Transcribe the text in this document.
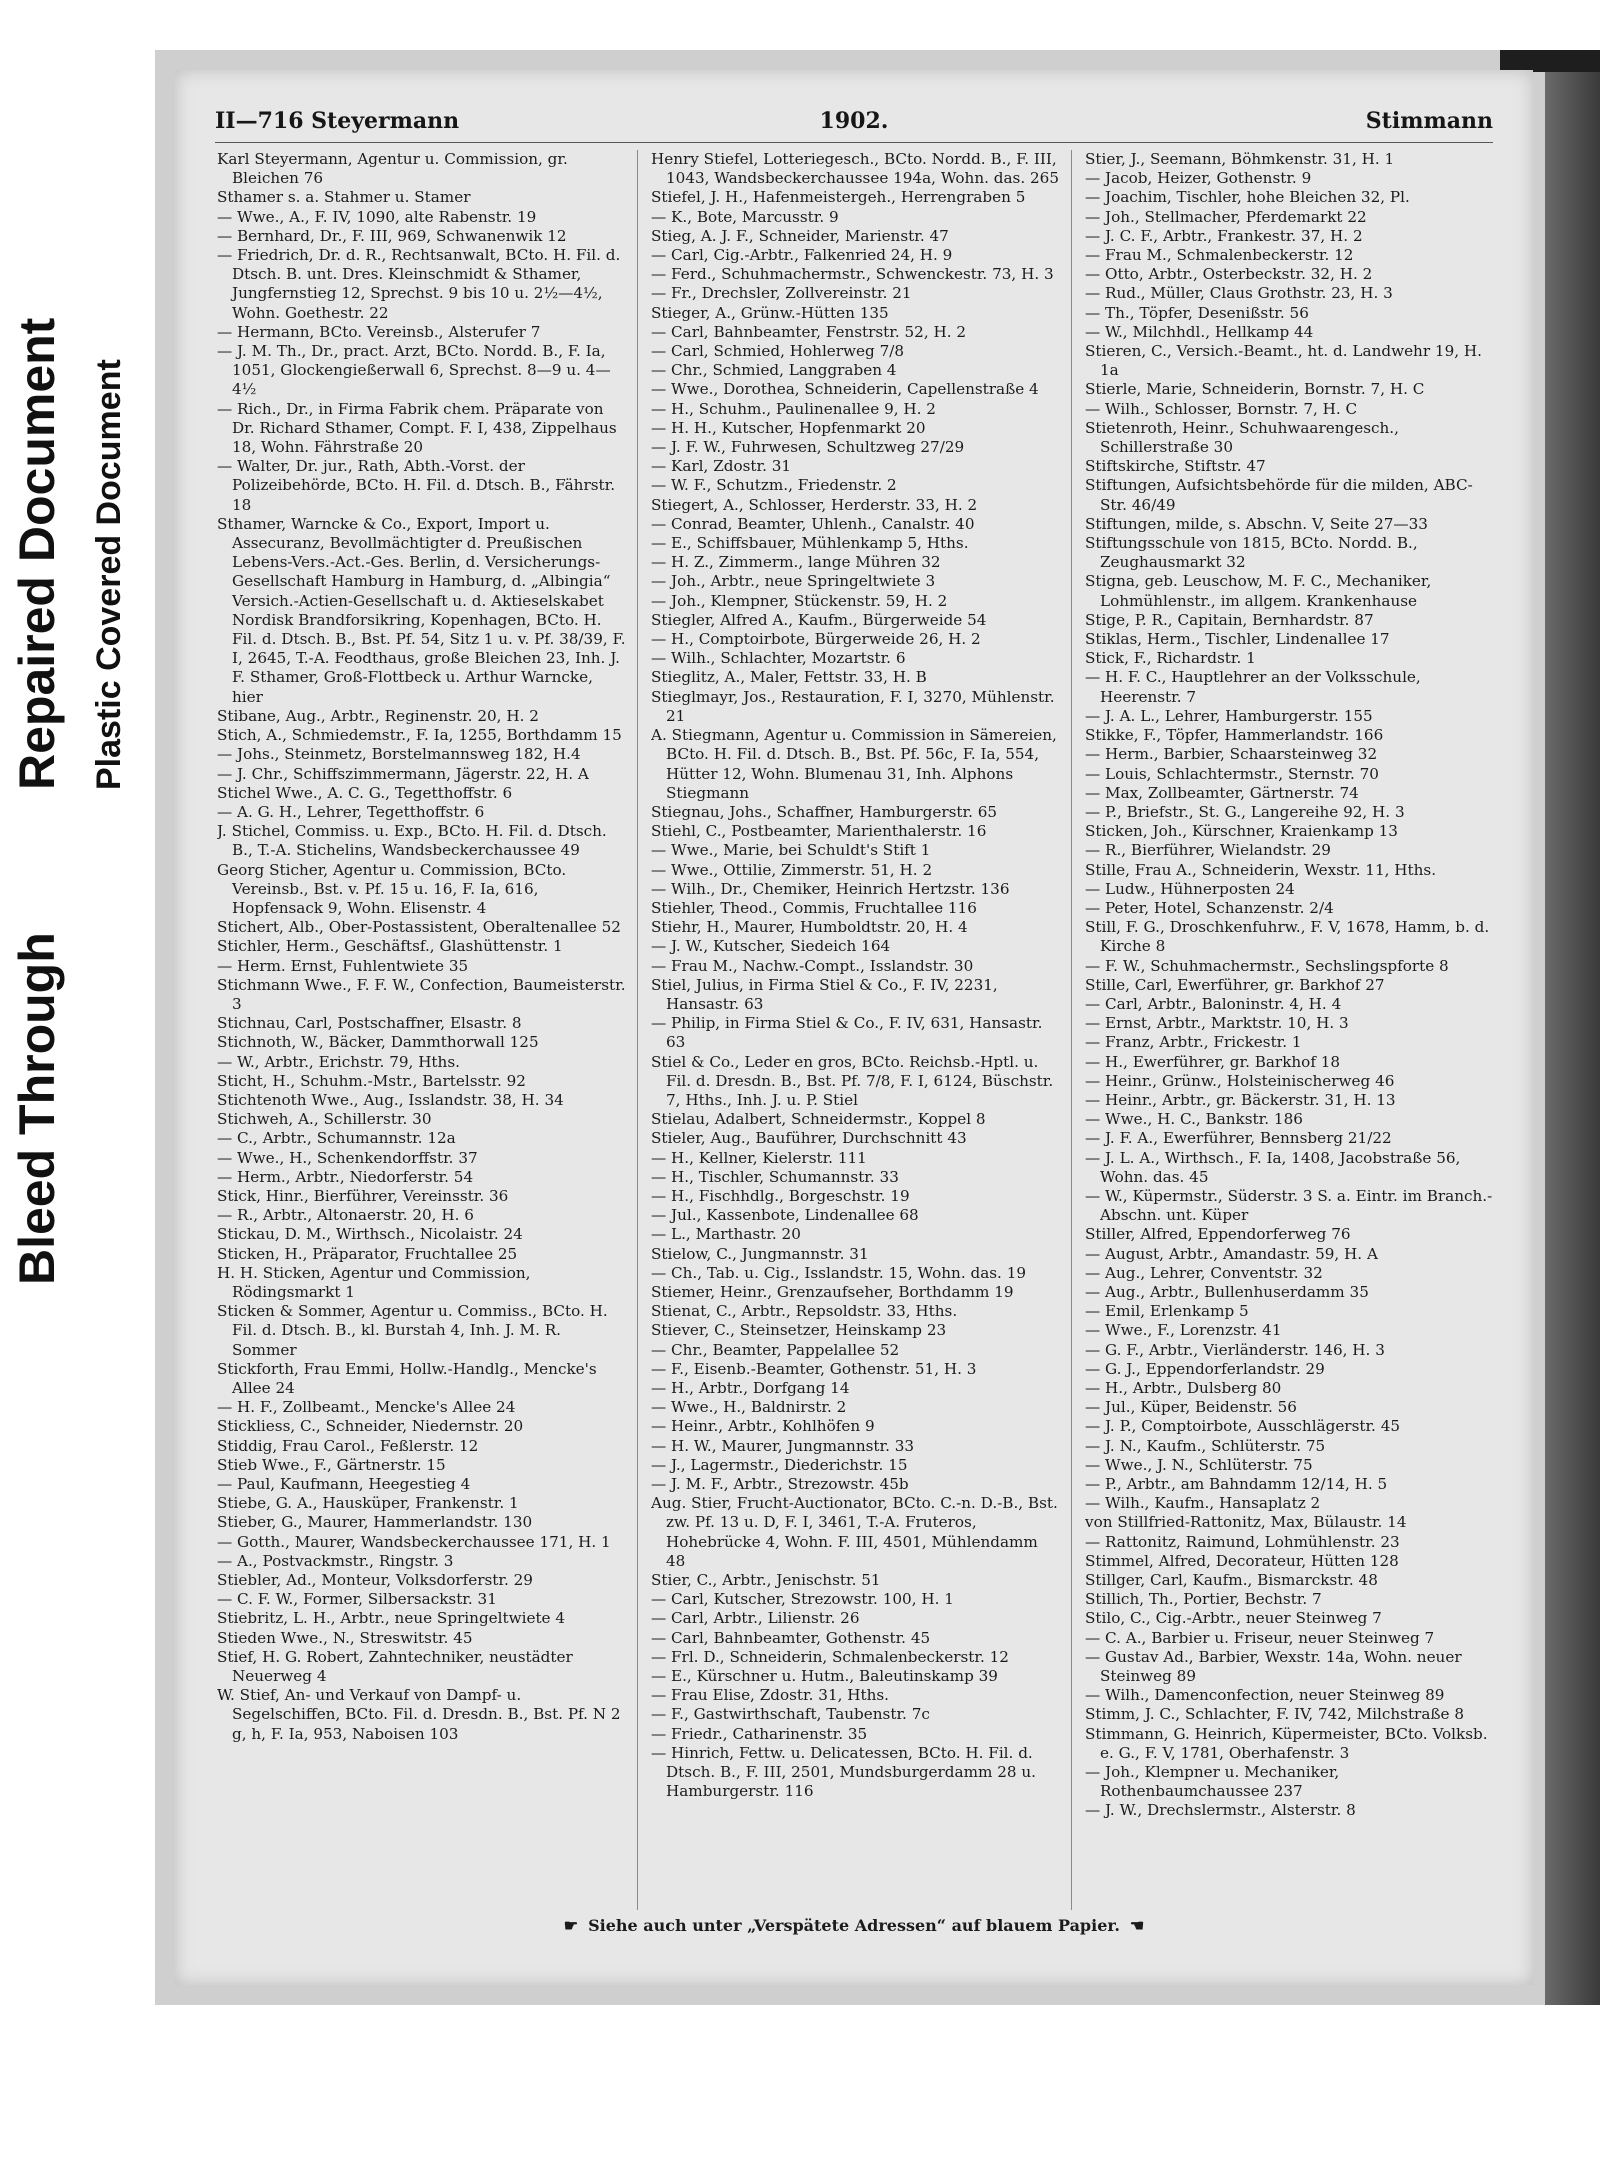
Bleed Through
Repaired Document Plastic Covered Document
II—716 Steyermann	1902.	Stimmann
Karl Steyermann, Agentur u. Commission, gr. Bleichen 76
Sthamer s. a. Stahmer u. Stamer
— Wwe., A., F. IV, 1090, alte Rabenstr. 19
— Bernhard, Dr., F. III, 969, Schwanenwik 12
— Friedrich, Dr. d. R., Rechtsanwalt, BCto. H. Fil. d. Dtsch. B. unt. Dres. Kleinschmidt & Sthamer, Jungfernstieg 12, Sprechst. 9 bis 10 u. 2½—4½, Wohn. Goethestr. 22
— Hermann, BCto. Vereinsb., Alsterufer 7
— J. M. Th., Dr., pract. Arzt, BCto. Nordd. B., F. Ia, 1051, Glockengießerwall 6, Sprechst. 8—9 u. 4—4½
— Rich., Dr., in Firma Fabrik chem. Präparate von Dr. Richard Sthamer, Compt. F. I, 438, Zippelhaus 18, Wohn. Fährstraße 20
— Walter, Dr. jur., Rath, Abth.-Vorst. der Polizeibehörde, BCto. H. Fil. d. Dtsch. B., Fährstr. 18
Sthamer, Warncke & Co., Export, Import u. Assecuranz, Bevollmächtigter d. Preußischen Lebens-Vers.-Act.-Ges. Berlin, d. Versicherungs-Gesellschaft Hamburg in Hamburg, d. „Albingia“ Versich.-Actien-Gesellschaft u. d. Aktieselskabet Nordisk Brandforsikring, Kopenhagen, BCto. H. Fil. d. Dtsch. B., Bst. Pf. 54, Sitz 1 u. v. Pf. 38/39, F. I, 2645, T.-A. Feodthaus, große Bleichen 23, Inh. J. F. Sthamer, Groß-Flottbeck u. Arthur Warncke, hier
Stibane, Aug., Arbtr., Reginenstr. 20, H. 2
Stich, A., Schmiedemstr., F. Ia, 1255, Borthdamm 15
— Johs., Steinmetz, Borstelmannsweg 182, H.4
— J. Chr., Schiffszimmermann, Jägerstr. 22, H. A
Stichel Wwe., A. C. G., Tegetthoffstr. 6
— A. G. H., Lehrer, Tegetthoffstr. 6
J. Stichel, Commiss. u. Exp., BCto. H. Fil. d. Dtsch. B., T.-A. Stichelins, Wandsbeckerchaussee 49
Georg Sticher, Agentur u. Commission, BCto. Vereinsb., Bst. v. Pf. 15 u. 16, F. Ia, 616, Hopfensack 9, Wohn. Elisenstr. 4
Stichert, Alb., Ober-Postassistent, Oberaltenallee 52
Stichler, Herm., Geschäftsf., Glashüttenstr. 1
— Herm. Ernst, Fuhlentwiete 35
Stichmann Wwe., F. F. W., Confection, Baumeisterstr. 3
Stichnau, Carl, Postschaffner, Elsastr. 8
Stichnoth, W., Bäcker, Dammthorwall 125
— W., Arbtr., Erichstr. 79, Hths.
Sticht, H., Schuhm.-Mstr., Bartelsstr. 92
Stichtenoth Wwe., Aug., Isslandstr. 38, H. 34
Stichweh, A., Schillerstr. 30
— C., Arbtr., Schumannstr. 12a
— Wwe., H., Schenkendorffstr. 37
— Herm., Arbtr., Niedorferstr. 54
Stick, Hinr., Bierführer, Vereinsstr. 36
— R., Arbtr., Altonaerstr. 20, H. 6
Stickau, D. M., Wirthsch., Nicolaistr. 24
Sticken, H., Präparator, Fruchtallee 25
H. H. Sticken, Agentur und Commission, Rödingsmarkt 1
Sticken & Sommer, Agentur u. Commiss., BCto. H. Fil. d. Dtsch. B., kl. Burstah 4, Inh. J. M. R. Sommer
Stickforth, Frau Emmi, Hollw.-Handlg., Mencke's Allee 24
— H. F., Zollbeamt., Mencke's Allee 24
Stickliess, C., Schneider, Niedernstr. 20
Stiddig, Frau Carol., Feßlerstr. 12
Stieb Wwe., F., Gärtnerstr. 15
— Paul, Kaufmann, Heegestieg 4
Stiebe, G. A., Hausküper, Frankenstr. 1
Stieber, G., Maurer, Hammerlandstr. 130
— Gotth., Maurer, Wandsbeckerchaussee 171, H. 1
— A., Postvackmstr., Ringstr. 3
Stiebler, Ad., Monteur, Volksdorferstr. 29
— C. F. W., Former, Silbersackstr. 31
Stiebritz, L. H., Arbtr., neue Springeltwiete 4
Stieden Wwe., N., Streswitstr. 45
Stief, H. G. Robert, Zahntechniker, neustädter Neuerweg 4
W. Stief, An- und Verkauf von Dampf- u. Segelschiffen, BCto. Fil. d. Dresdn. B., Bst. Pf. N 2 g, h, F. Ia, 953, Naboisen 103
Henry Stiefel, Lotteriegesch., BCto. Nordd. B., F. III, 1043, Wandsbeckerchaussee 194a, Wohn. das. 265
Stiefel, J. H., Hafenmeistergeh., Herrengraben 5
— K., Bote, Marcusstr. 9
Stieg, A. J. F., Schneider, Marienstr. 47
— Carl, Cig.-Arbtr., Falkenried 24, H. 9
— Ferd., Schuhmachermstr., Schwenckestr. 73, H. 3
— Fr., Drechsler, Zollvereinstr. 21
Stieger, A., Grünw.-Hütten 135
— Carl, Bahnbeamter, Fenstrstr. 52, H. 2
— Carl, Schmied, Hohlerweg 7/8
— Chr., Schmied, Langgraben 4
— Wwe., Dorothea, Schneiderin, Capellenstraße 4
— H., Schuhm., Paulinenallee 9, H. 2
— H. H., Kutscher, Hopfenmarkt 20
— J. F. W., Fuhrwesen, Schultzweg 27/29
— Karl, Zdostr. 31
— W. F., Schutzm., Friedenstr. 2
Stiegert, A., Schlosser, Herderstr. 33, H. 2
— Conrad, Beamter, Uhlenh., Canalstr. 40
— E., Schiffsbauer, Mühlenkamp 5, Hths.
— H. Z., Zimmerm., lange Mühren 32
— Joh., Arbtr., neue Springeltwiete 3
— Joh., Klempner, Stückenstr. 59, H. 2
Stiegler, Alfred A., Kaufm., Bürgerweide 54
— H., Comptoirbote, Bürgerweide 26, H. 2
— Wilh., Schlachter, Mozartstr. 6
Stieglitz, A., Maler, Fettstr. 33, H. B
Stieglmayr, Jos., Restauration, F. I, 3270, Mühlenstr. 21
A. Stiegmann, Agentur u. Commission in Sämereien, BCto. H. Fil. d. Dtsch. B., Bst. Pf. 56c, F. Ia, 554, Hütter 12, Wohn. Blumenau 31, Inh. Alphons Stiegmann
Stiegnau, Johs., Schaffner, Hamburgerstr. 65
Stiehl, C., Postbeamter, Marienthalerstr. 16
— Wwe., Marie, bei Schuldt's Stift 1
— Wwe., Ottilie, Zimmerstr. 51, H. 2
— Wilh., Dr., Chemiker, Heinrich Hertzstr. 136
Stiehler, Theod., Commis, Fruchtallee 116
Stiehr, H., Maurer, Humboldtstr. 20, H. 4
— J. W., Kutscher, Siedeich 164
— Frau M., Nachw.-Compt., Isslandstr. 30
Stiel, Julius, in Firma Stiel & Co., F. IV, 2231, Hansastr. 63
— Philip, in Firma Stiel & Co., F. IV, 631, Hansastr. 63
Stiel & Co., Leder en gros, BCto. Reichsb.-Hptl. u. Fil. d. Dresdn. B., Bst. Pf. 7/8, F. I, 6124, Büschstr. 7, Hths., Inh. J. u. P. Stiel
Stielau, Adalbert, Schneidermstr., Koppel 8
Stieler, Aug., Bauführer, Durchschnitt 43
— H., Kellner, Kielerstr. 111
— H., Tischler, Schumannstr. 33
— H., Fischhdlg., Borgeschstr. 19
— Jul., Kassenbote, Lindenallee 68
— L., Marthastr. 20
Stielow, C., Jungmannstr. 31
— Ch., Tab. u. Cig., Isslandstr. 15, Wohn. das. 19
Stiemer, Heinr., Grenzaufseher, Borthdamm 19
Stienat, C., Arbtr., Repsoldstr. 33, Hths.
Stiever, C., Steinsetzer, Heinskamp 23
— Chr., Beamter, Pappelallee 52
— F., Eisenb.-Beamter, Gothenstr. 51, H. 3
— H., Arbtr., Dorfgang 14
— Wwe., H., Baldnirstr. 2
— Heinr., Arbtr., Kohlhöfen 9
— H. W., Maurer, Jungmannstr. 33
— J., Lagermstr., Diederichstr. 15
— J. M. F., Arbtr., Strezowstr. 45b
Aug. Stier, Frucht-Auctionator, BCto. C.-n. D.-B., Bst. zw. Pf. 13 u. D, F. I, 3461, T.-A. Fruteros, Hohebrücke 4, Wohn. F. III, 4501, Mühlendamm 48
Stier, C., Arbtr., Jenischstr. 51
— Carl, Kutscher, Strezowstr. 100, H. 1
— Carl, Arbtr., Lilienstr. 26
— Carl, Bahnbeamter, Gothenstr. 45
— Frl. D., Schneiderin, Schmalenbeckerstr. 12
— E., Kürschner u. Hutm., Baleutinskamp 39
— Frau Elise, Zdostr. 31, Hths.
— F., Gastwirthschaft, Taubenstr. 7c
— Friedr., Catharinenstr. 35
— Hinrich, Fettw. u. Delicatessen, BCto. H. Fil. d. Dtsch. B., F. III, 2501, Mundsburgerdamm 28 u. Hamburgerstr. 116
Stier, J., Seemann, Böhmkenstr. 31, H. 1
— Jacob, Heizer, Gothenstr. 9
— Joachim, Tischler, hohe Bleichen 32, Pl.
— Joh., Stellmacher, Pferdemarkt 22
— J. C. F., Arbtr., Frankestr. 37, H. 2
— Frau M., Schmalenbeckerstr. 12
— Otto, Arbtr., Osterbeckstr. 32, H. 2
— Rud., Müller, Claus Grothstr. 23, H. 3
— Th., Töpfer, Desenißstr. 56
— W., Milchhdl., Hellkamp 44
Stieren, C., Versich.-Beamt., ht. d. Landwehr 19, H. 1a
Stierle, Marie, Schneiderin, Bornstr. 7, H. C
— Wilh., Schlosser, Bornstr. 7, H. C
Stietenroth, Heinr., Schuhwaarengesch., Schillerstraße 30
Stiftskirche, Stiftstr. 47
Stiftungen, Aufsichtsbehörde für die milden, ABC-Str. 46/49
Stiftungen, milde, s. Abschn. V, Seite 27—33
Stiftungsschule von 1815, BCto. Nordd. B., Zeughausmarkt 32
Stigna, geb. Leuschow, M. F. C., Mechaniker, Lohmühlenstr., im allgem. Krankenhause
Stige, P. R., Capitain, Bernhardstr. 87
Stiklas, Herm., Tischler, Lindenallee 17
Stick, F., Richardstr. 1
— H. F. C., Hauptlehrer an der Volksschule, Heerenstr. 7
— J. A. L., Lehrer, Hamburgerstr. 155
Stikke, F., Töpfer, Hammerlandstr. 166
— Herm., Barbier, Schaarsteinweg 32
— Louis, Schlachtermstr., Sternstr. 70
— Max, Zollbeamter, Gärtnerstr. 74
— P., Briefstr., St. G., Langereihe 92, H. 3
Sticken, Joh., Kürschner, Kraienkamp 13
— R., Bierführer, Wielandstr. 29
Stille, Frau A., Schneiderin, Wexstr. 11, Hths.
— Ludw., Hühnerposten 24
— Peter, Hotel, Schanzenstr. 2/4
Still, F. G., Droschkenfuhrw., F. V, 1678, Hamm, b. d. Kirche 8
— F. W., Schuhmachermstr., Sechslingspforte 8
Stille, Carl, Ewerführer, gr. Barkhof 27
— Carl, Arbtr., Baloninstr. 4, H. 4
— Ernst, Arbtr., Marktstr. 10, H. 3
— Franz, Arbtr., Frickestr. 1
— H., Ewerführer, gr. Barkhof 18
— Heinr., Grünw., Holsteinischerweg 46
— Heinr., Arbtr., gr. Bäckerstr. 31, H. 13
— Wwe., H. C., Bankstr. 186
— J. F. A., Ewerführer, Bennsberg 21/22
— J. L. A., Wirthsch., F. Ia, 1408, Jacobstraße 56, Wohn. das. 45
— W., Küpermstr., Süderstr. 3 S. a. Eintr. im Branch.-Abschn. unt. Küper
Stiller, Alfred, Eppendorferweg 76
— August, Arbtr., Amandastr. 59, H. A
— Aug., Lehrer, Conventstr. 32
— Aug., Arbtr., Bullenhuserdamm 35
— Emil, Erlenkamp 5
— Wwe., F., Lorenzstr. 41
— G. F., Arbtr., Vierländerstr. 146, H. 3
— G. J., Eppendorferlandstr. 29
— H., Arbtr., Dulsberg 80
— Jul., Küper, Beidenstr. 56
— J. P., Comptoirbote, Ausschlägerstr. 45
— J. N., Kaufm., Schlüterstr. 75
— Wwe., J. N., Schlüterstr. 75
— P., Arbtr., am Bahndamm 12/14, H. 5
— Wilh., Kaufm., Hansaplatz 2
von Stillfried-Rattonitz, Max, Bülaustr. 14
— Rattonitz, Raimund, Lohmühlenstr. 23
Stimmel, Alfred, Decorateur, Hütten 128
Stillger, Carl, Kaufm., Bismarckstr. 48
Stillich, Th., Portier, Bechstr. 7
Stilo, C., Cig.-Arbtr., neuer Steinweg 7
— C. A., Barbier u. Friseur, neuer Steinweg 7
— Gustav Ad., Barbier, Wexstr. 14a, Wohn. neuer Steinweg 89
— Wilh., Damenconfection, neuer Steinweg 89
Stimm, J. C., Schlachter, F. IV, 742, Milchstraße 8
Stimmann, G. Heinrich, Küpermeister, BCto. Volksb. e. G., F. V, 1781, Oberhafenstr. 3
— Joh., Klempner u. Mechaniker, Rothenbaumchaussee 237
— J. W., Drechslermstr., Alsterstr. 8
☛ Siehe auch unter „Verspätete Adressen“ auf blauem Papier. ☚
